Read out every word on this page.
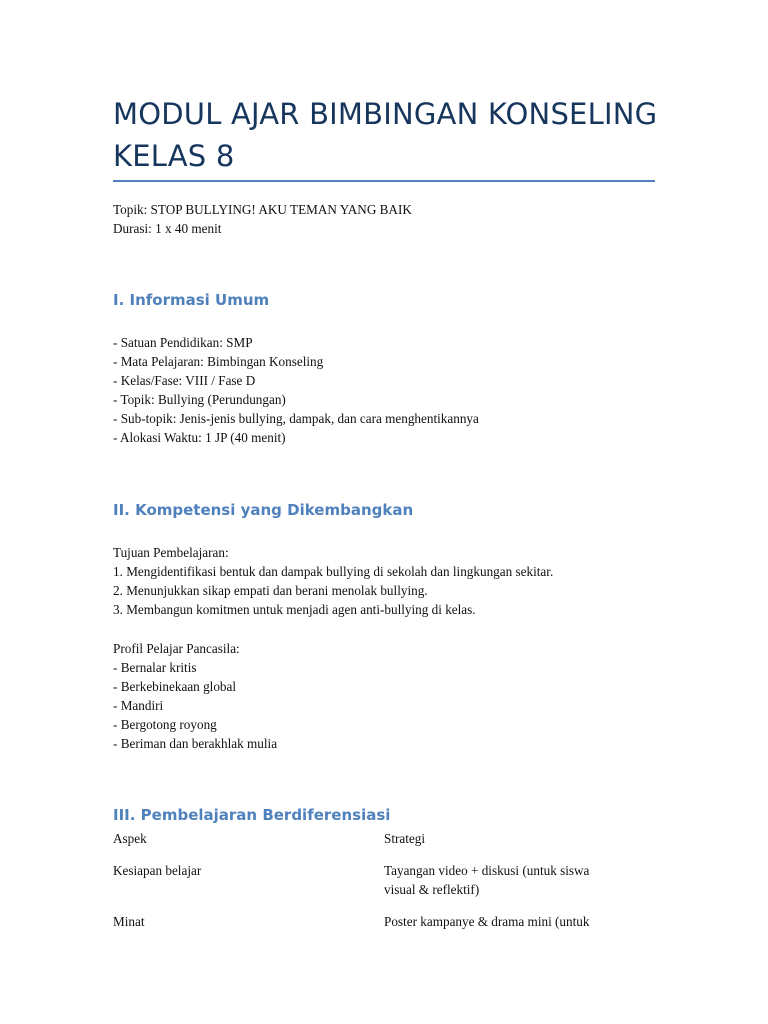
MODUL AJAR BIMBINGAN KONSELING
KELAS 8
Topik: STOP BULLYING! AKU TEMAN YANG BAIK
Durasi: 1 x 40 menit
I. Informasi Umum
- Satuan Pendidikan: SMP
- Mata Pelajaran: Bimbingan Konseling
- Kelas/Fase: VIII / Fase D
- Topik: Bullying (Perundungan)
- Sub-topik: Jenis-jenis bullying, dampak, dan cara menghentikannya
- Alokasi Waktu: 1 JP (40 menit)
II. Kompetensi yang Dikembangkan
Tujuan Pembelajaran:
1. Mengidentifikasi bentuk dan dampak bullying di sekolah dan lingkungan sekitar.
2. Menunjukkan sikap empati dan berani menolak bullying.
3. Membangun komitmen untuk menjadi agen anti-bullying di kelas.
Profil Pelajar Pancasila:
- Bernalar kritis
- Berkebinekaan global
- Mandiri
- Bergotong royong
- Beriman dan berakhlak mulia
III. Pembelajaran Berdiferensiasi
Aspek	Strategi
Kesiapan belajar	Tayangan video + diskusi (untuk siswa
visual & reflektif)
Minat	Poster kampanye & drama mini (untuk
